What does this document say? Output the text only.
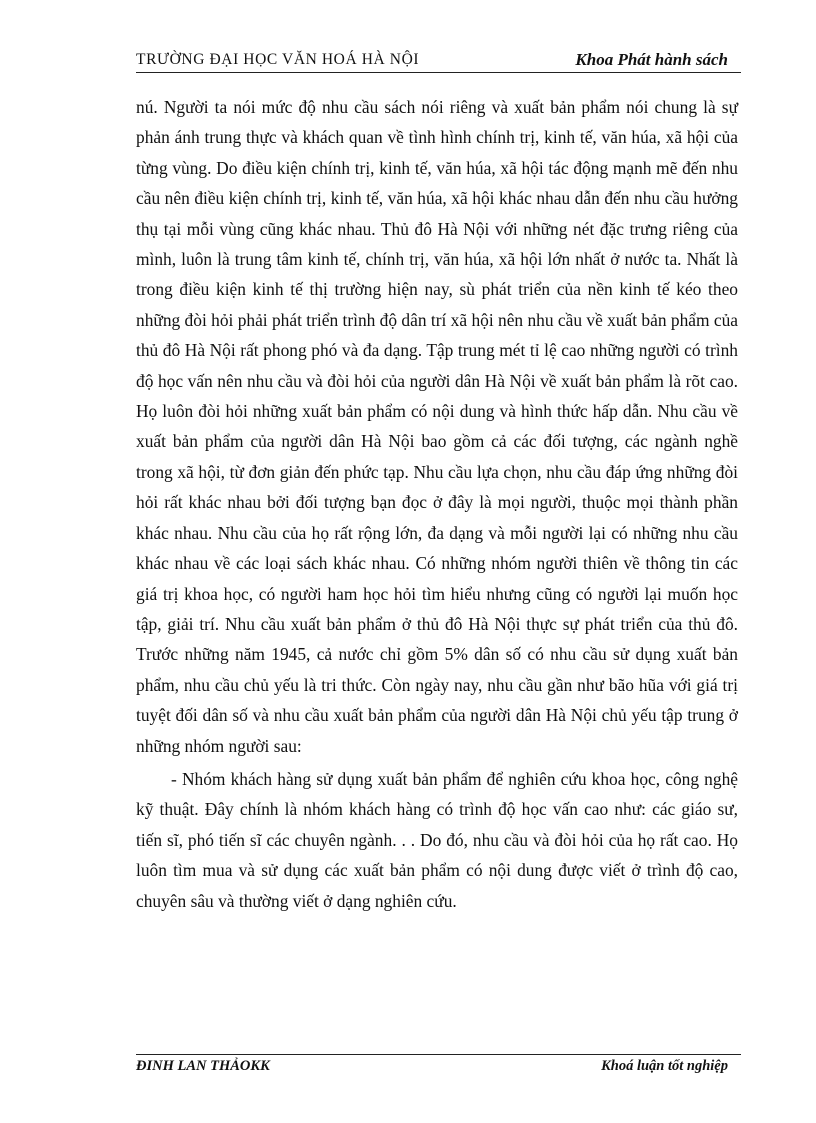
TRƯỜNG ĐẠI HỌC VĂN HOÁ HÀ NỘI	Khoa Phát hành sách

nú. Người ta nói mức độ nhu cầu sách nói riêng và xuất bản phẩm nói chung là sự phản ánh trung thực và khách quan về tình hình chính trị, kinh tế, văn húa, xã hội của từng vùng. Do điều kiện chính trị, kinh tế, văn húa, xã hội tác động mạnh mẽ đến nhu cầu nên điều kiện chính trị, kinh tế, văn húa, xã hội khác nhau dẫn đến nhu cầu hưởng thụ tại mỗi vùng cũng khác nhau. Thủ đô Hà Nội với những nét đặc trưng riêng của mình, luôn là trung tâm kinh tế, chính trị, văn húa, xã hội lớn nhất ở nước ta. Nhất là trong điều kiện kinh tế thị trường hiện nay, sù phát triển của nền kinh tế kéo theo những đòi hỏi phải phát triển trình độ dân trí xã hội nên nhu cầu về xuất bản phẩm của thủ đô Hà Nội rất phong phó và đa dạng. Tập trung mét tỉ lệ cao những người có trình độ học vấn nên nhu cầu và đòi hỏi của người dân Hà Nội về xuất bản phẩm là rõt cao. Họ luôn đòi hỏi những xuất bản phẩm có nội dung và hình thức hấp dẫn. Nhu cầu về xuất bản phẩm của người dân Hà Nội bao gồm cả các đối tượng, các ngành nghề trong xã hội, từ đơn giản đến phức tạp. Nhu cầu lựa chọn, nhu cầu đáp ứng những đòi hỏi rất khác nhau bởi đối tượng bạn đọc ở đây là mọi người, thuộc mọi thành phần khác nhau. Nhu cầu của họ rất rộng lớn, đa dạng và mỗi người lại có những nhu cầu khác nhau về các loại sách khác nhau. Có những nhóm người thiên về thông tin các giá trị khoa học, có người ham học hỏi tìm hiểu nhưng cũng có người lại muốn học tập, giải trí. Nhu cầu xuất bản phẩm ở thủ đô Hà Nội thực sự phát triển của thủ đô. Trước những năm 1945, cả nước chỉ gồm 5% dân số có nhu cầu sử dụng xuất bản phẩm, nhu cầu chủ yếu là tri thức. Còn ngày nay, nhu cầu gần như bão hũa với giá trị tuyệt đối dân số và nhu cầu xuất bản phẩm của người dân Hà Nội chủ yếu tập trung ở những nhóm người sau:

- Nhóm khách hàng sử dụng xuất bản phẩm để nghiên cứu khoa học, công nghệ kỹ thuật. Đây chính là nhóm khách hàng có trình độ học vấn cao như: các giáo sư, tiến sĩ, phó tiến sĩ các chuyên ngành. . . Do đó, nhu cầu và đòi hỏi của họ rất cao. Họ luôn tìm mua và sử dụng các xuất bản phẩm có nội dung được viết ở trình độ cao, chuyên sâu và thường viết ở dạng nghiên cứu.

ĐINH LAN THẢOKK	Khoá luận tốt nghiệp
